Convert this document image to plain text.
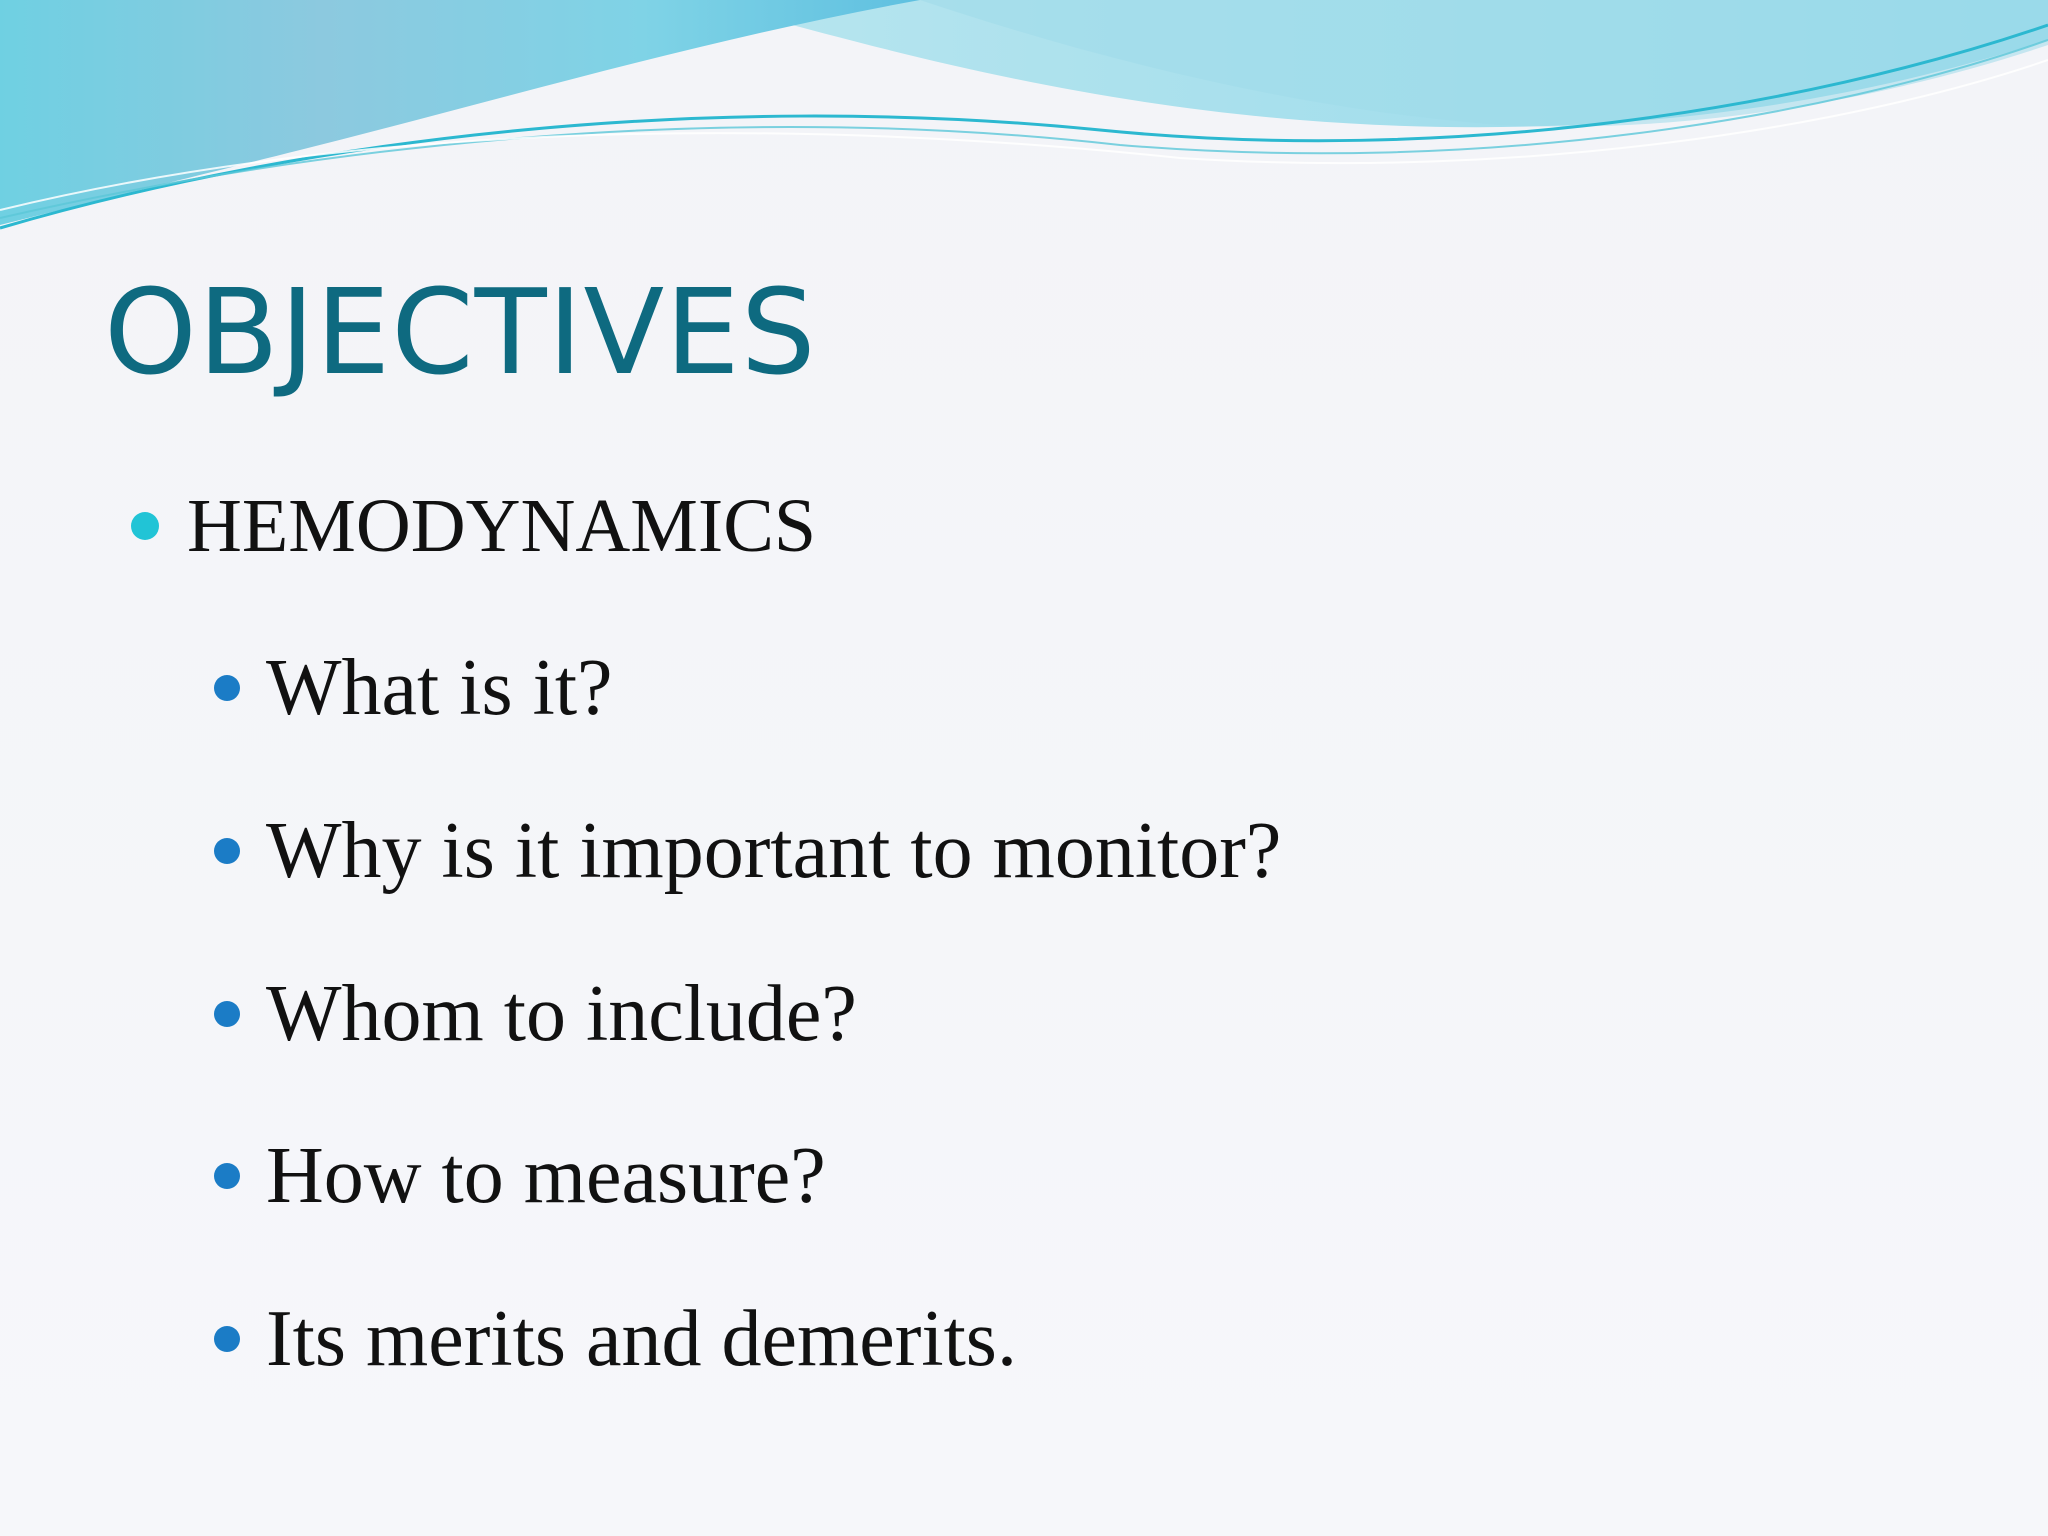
OBJECTIVES
HEMODYNAMICS
What is it?
Why is it important to monitor?
Whom to include?
How to measure?
Its merits and demerits.
